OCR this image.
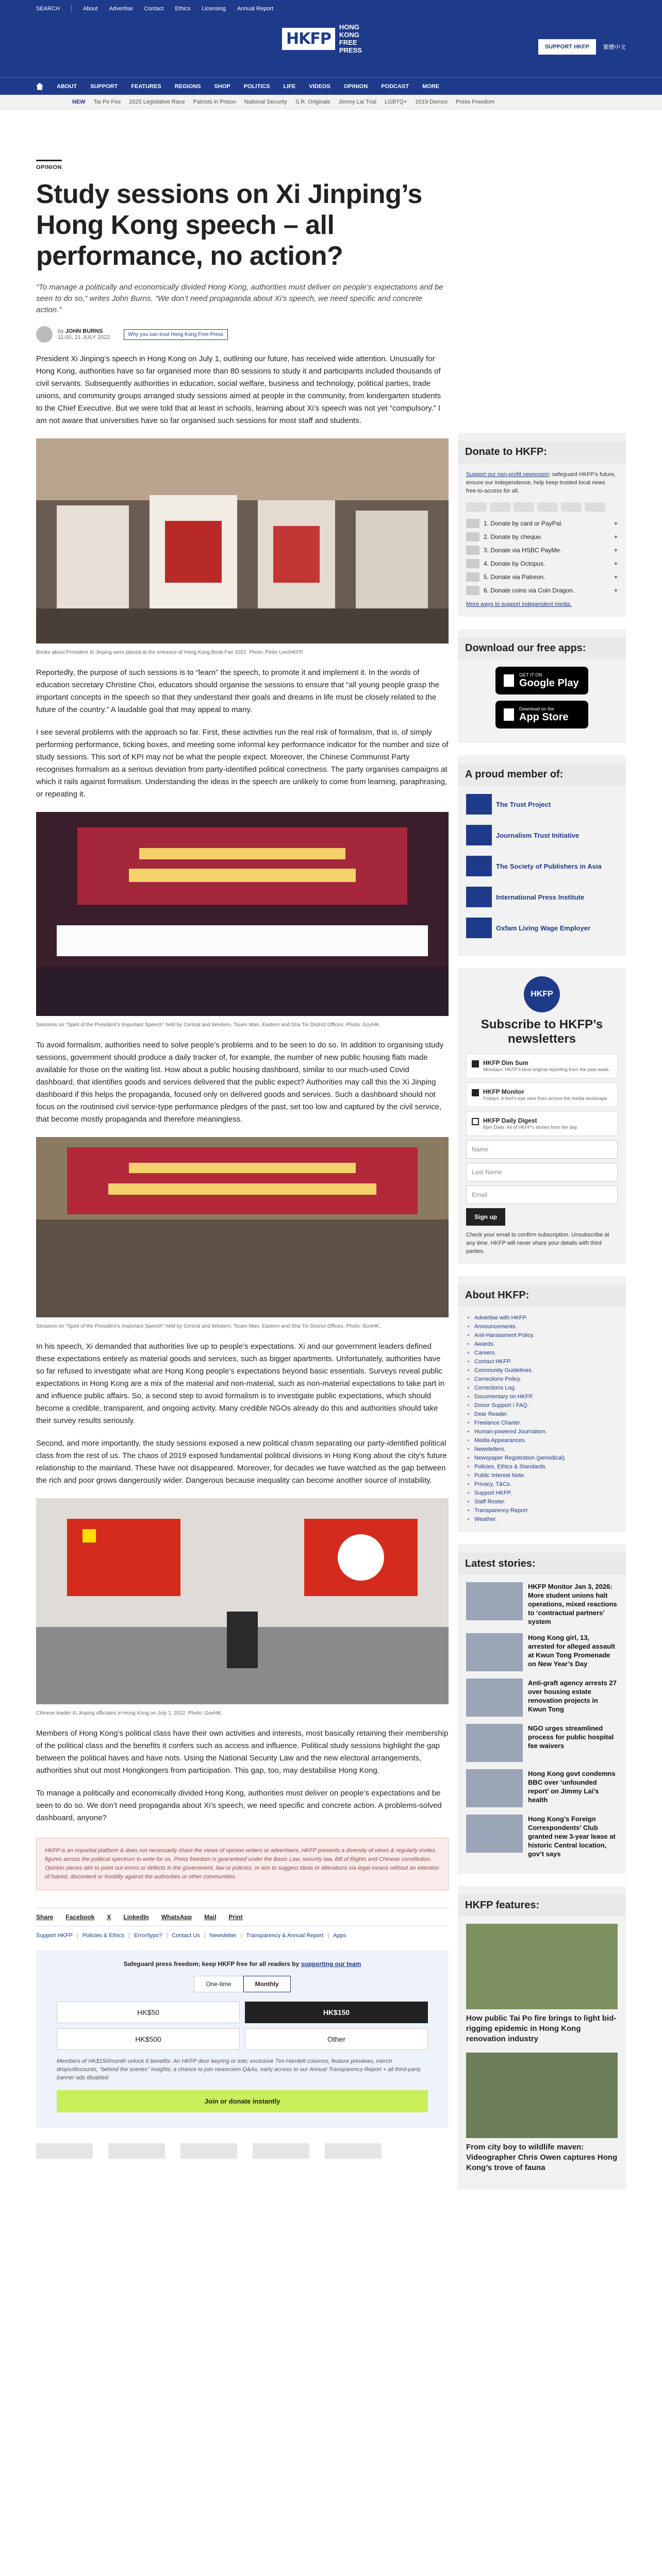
SEARCH	About Advertise Contact Ethics Licensing Annual Report
HKFP
HONG KONG
FREE PRESS	SUPPORT HKFP	繁體中文
ABOUT SUPPORT FEATURES REGIONS SHOP POLITICS LIFE VIDEOS OPINION PODCAST MORE
NEW Tai Po Fire 2025 Legislative Race Patriots in Prison National Security S.R. Originals Jimmy Lai Trial LGBTQ+ 2019 Demos Press Freedom
OPINION
Study sessions on Xi Jinping’s Hong Kong speech – all performance, no action?
“To manage a politically and economically divided Hong Kong, authorities must deliver on people’s expectations and be seen to do so,” writes John Burns. “We don’t need propaganda about Xi’s speech, we need specific and concrete action.”
by JOHN BURNS
11:00, 21 JULY 2022	Why you can trust Hong Kong Free Press

President Xi Jinping’s speech in Hong Kong on July 1, outlining our future, has received wide attention. Unusually for Hong Kong, authorities have so far organised more than 80 sessions to study it and participants included thousands of civil servants. Subsequently authorities in education, social welfare, business and technology, political parties, trade unions, and community groups arranged study sessions aimed at people in the community, from kindergarten students to the Chief Executive. But we were told that at least in schools, learning about Xi’s speech was not yet “compulsory.” I am not aware that universities have so far organised such sessions for most staff and students.

Books about President Xi Jinping were placed at the entrance of Hong Kong Book Fair 2022. Photo: Peter Lee/HKFP.

Reportedly, the purpose of such sessions is to “learn” the speech, to promote it and implement it. In the words of education secretary Christine Choi, educators should organise the sessions to ensure that “all young people grasp the important concepts in the speech so that they understand their goals and dreams in life must be closely related to the future of the country.” A laudable goal that may appeal to many.

I see several problems with the approach so far. First, these activities run the real risk of formalism, that is, of simply performing performance, ticking boxes, and meeting some informal key performance indicator for the number and size of study sessions. This sort of KPI may not be what the people expect. Moreover, the Chinese Communist Party recognises formalism as a serious deviation from party-identified political correctness. The party organises campaigns at which it rails against formalism. Understanding the ideas in the speech are unlikely to come from learning, paraphrasing, or repeating it.

Sessions on “Spirit of the President’s Important Speech” held by Central and Western, Tsuen Wan, Eastern and Sha Tin District Offices. Photo: GovHK.

To avoid formalism, authorities need to solve people’s problems and to be seen to do so. In addition to organising study sessions, government should produce a daily tracker of, for example, the number of new public housing flats made available for those on the waiting list. How about a public housing dashboard, similar to our much-used Covid dashboard, that identifies goods and services delivered that the public expect? Authorities may call this the Xi Jinping dashboard if this helps the propaganda, focused only on delivered goods and services. Such a dashboard should not focus on the routinised civil service-type performance pledges of the past, set too low and captured by the civil service, that become mostly propaganda and therefore meaningless.

Sessions on “Spirit of the President’s Important Speech” held by Central and Western, Tsuen Wan, Eastern and Sha Tin District Offices. Photo: GovHK.

In his speech, Xi demanded that authorities live up to people’s expectations. Xi and our government leaders defined these expectations entirely as material goods and services, such as bigger apartments. Unfortunately, authorities have so far refused to investigate what are Hong Kong people’s expectations beyond basic essentials. Surveys reveal public expectations in Hong Kong are a mix of the material and non-material, such as non-material expectations to take part in and influence public affairs. So, a second step to avoid formalism is to investigate public expectations, which should become a credible, transparent, and ongoing activity. Many credible NGOs already do this and authorities should take their survey results seriously.

Second, and more importantly, the study sessions exposed a new political chasm separating our party-identified political class from the rest of us. The chaos of 2019 exposed fundamental political divisions in Hong Kong about the city’s future relationship to the mainland. These have not disappeared. Moreover, for decades we have watched as the gap between the rich and poor grows dangerously wider. Dangerous because inequality can become another source of instability.

Chinese leader Xi Jinping officiates in Hong Kong on July 1, 2022. Photo: GovHK.

Members of Hong Kong’s political class have their own activities and interests, most basically retaining their membership of the political class and the benefits it confers such as access and influence. Political study sessions highlight the gap between the political haves and have nots. Using the National Security Law and the new electoral arrangements, authorities shut out most Hongkongers from participation. This gap, too, may destabilise Hong Kong.

To manage a politically and economically divided Hong Kong, authorities must deliver on people’s expectations and be seen to do so. We don’t need propaganda about Xi’s speech, we need specific and concrete action. A problems-solved dashboard, anyone?

HKFP is an impartial platform & does not necessarily share the views of opinion writers or advertisers. HKFP presents a diversity of views & regularly invites figures across the political spectrum to write for us. Press freedom is guaranteed under the Basic Law, security law, Bill of Rights and Chinese constitution. Opinion pieces aim to point out errors or defects in the government, law or policies, or aim to suggest ideas or alterations via legal means without an intention of hatred, discontent or hostility against the authorities or other communities.
Share Facebook X LinkedIn WhatsApp Mail Print
Support HKFP | Policies & Ethics | Error/typo? | Contact Us | Newsletter | Transparency & Annual Report | Apps
Safeguard press freedom; keep HKFP free for all readers by supporting our team
One-time	Monthly
HK$50	HK$150
HK$500	Other
Members of HK$150/month unlock 6 benefits: An HKFP door keyring or tote; exclusive Tim Hamlett columns, feature previews, merch drops/discounts, “behind the scenes” insights; a chance to join newsroom Q&As, early access to our Annual Transparency Report + all third-party banner ads disabled.
Join or donate instantly
Donate to HKFP:
Support our non-profit newsroom: safeguard HKFP’s future, ensure our independence, help keep trusted local news free-to-access for all.
1. Donate by card or PayPal.	+
2. Donate by cheque.	+
3. Donate via HSBC PayMe.	+
4. Donate by Octopus.	+
5. Donate via Patreon.	+
6. Donate coins via Coin Dragon.	+
More ways to support independent media.
Download our free apps:
GET IT ON
Google Play
Download on the
App Store
A proud member of:
The Trust Project
Journalism Trust Initiative
The Society of Publishers in Asia
International Press Institute
Oxfam Living Wage Employer
HKFP
Subscribe to HKFP’s newsletters
HKFP Dim Sum
Mondays: HKFP’s best original reporting from the past week.
HKFP Monitor
Fridays: A bird’s-eye view from across the media landscape.
HKFP Daily Digest
8pm Daily: All of HKFP’s stories from the day.
Name
Last Name
Email
Sign up
Check your email to confirm subscription. Unsubscribe at any time. HKFP will never share your details with third parties.
About HKFP:
• Advertise with HKFP.
• Announcements.
• Anti-Harassment Policy.
• Awards.
• Careers.
• Contact HKFP.
• Community Guidelines.
• Corrections Policy.
• Corrections Log.
• Documentary on HKFP.
• Donor Support / FAQ.
• Dear Reader.
• Freelance Charter.
• Human-powered Journalism.
• Media Appearances.
• Newsletters.
• Newspaper Registration (periodical).
• Policies, Ethics & Standards.
• Public Interest Note.
• Privacy, T&Cs.
• Support HKFP.
• Staff Roster.
• Transparency Report.
• Weather.
Latest stories:
HKFP Monitor Jan 3, 2026: More student unions halt operations, mixed reactions to ‘contractual partners’ system
Hong Kong girl, 13, arrested for alleged assault at Kwun Tong Promenade on New Year’s Day
Anti-graft agency arrests 27 over housing estate renovation projects in Kwun Tong
NGO urges streamlined process for public hospital fee waivers
Hong Kong govt condemns BBC over ‘unfounded report’ on Jimmy Lai’s health
Hong Kong’s Foreign Correspondents’ Club granted new 3-year lease at historic Central location, gov’t says
HKFP features:
How public Tai Po fire brings to light bid-rigging epidemic in Hong Kong renovation industry
From city boy to wildlife maven: Videographer Chris Owen captures Hong Kong’s trove of fauna
